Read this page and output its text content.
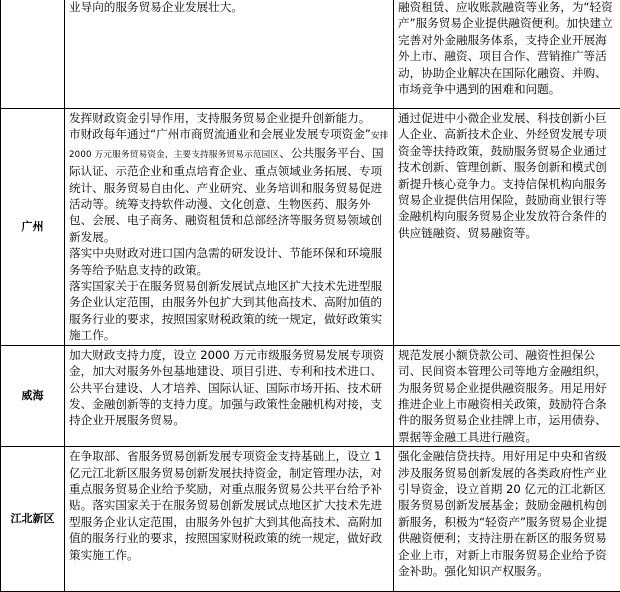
	业导向的服务贸易企业发展壮大。	融资租赁、应收账款融资等业务，为“轻资产”服务贸易企业提供融资便利。加快建立完善对外金融服务体系，支持企业开展海外上市、融资、项目合作、营销推广等活动，协助企业解决在国际化融资、并购、市场竞争中遇到的困难和问题。

广州	发挥财政资金引导作用，支持服务贸易企业提升创新能力。

市财政每年通过“广州市商贸流通业和会展业发展专项资金”安排 2000 万元服务贸易资金，主要支持服务贸易示范园区、公共服务平台、国际认证、示范企业和重点培育企业、重点领域业务拓展、专项统计、服务贸易自由化、产业研究、业务培训和服务贸易促进活动等。统筹支持软件动漫、文化创意、生物医药、服务外包、会展、电子商务、融资租赁和总部经济等服务贸易领域创新发展。

落实中央财政对进口国内急需的研发设计、节能环保和环境服务等给予贴息支持的政策。

落实国家关于在服务贸易创新发展试点地区扩大技术先进型服务企业认定范围，由服务外包扩大到其他高技术、高附加值的服务行业的要求，按照国家财税政策的统一规定，做好政策实施工作。	通过促进中小微企业发展、科技创新小巨人企业、高新技术企业、外经贸发展专项资金等扶持政策，鼓励服务贸易企业通过技术创新、管理创新、服务创新和模式创新提升核心竞争力。支持信保机构向服务贸易企业提供信用保险，鼓励商业银行等金融机构向服务贸易企业发放符合条件的供应链融资、贸易融资等。

威海	加大财政支持力度，设立 2000 万元市级服务贸易发展专项资金，加大对服务外包基地建设、项目引进、专利和技术进口、公共平台建设、人才培养、国际认证、国际市场开拓、技术研发、金融创新等的支持力度。加强与政策性金融机构对接，支持企业开展服务贸易。	规范发展小额贷款公司、融资性担保公司、民间资本管理公司等地方金融组织，为服务贸易企业提供融资服务。用足用好推进企业上市融资相关政策，鼓励符合条件的服务贸易企业挂牌上市，运用债券、票据等金融工具进行融资。

江北新区	在争取部、省服务贸易创新发展专项资金支持基础上，设立 1 亿元江北新区服务贸易创新发展扶持资金，制定管理办法，对重点服务贸易企业给予奖励，对重点服务贸易公共平台给予补贴。落实国家关于在服务贸易创新发展试点地区扩大技术先进型服务企业认定范围，由服务外包扩大到其他高技术、高附加值的服务行业的要求，按照国家财税政策的统一规定，做好政策实施工作。	强化金融信贷扶持。用好用足中央和省级涉及服务贸易创新发展的各类政府性产业引导资金，设立首期 20 亿元的江北新区服务贸易创新发展基金；鼓励金融机构创新服务，积极为“轻资产”服务贸易企业提供融资便利；支持注册在新区的服务贸易企业上市，对新上市服务贸易企业给予资金补助。强化知识产权服务。
